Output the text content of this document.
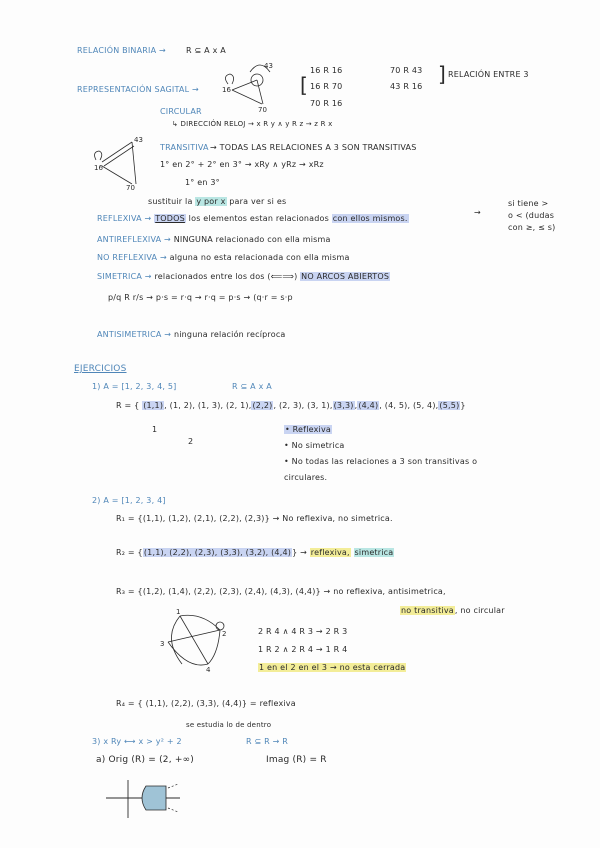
RELACIÓN BINARIA →	R ⊆ A x A
REPRESENTACIÓN SAGITAL →
43
16
70
[
16 R 16
16 R 70
70 R 16
70 R 43
43 R 16
] RELACIÓN ENTRE 3
CIRCULAR
↳ DIRECCIÓN RELOJ → x R y ∧ y R z → z R x
43
16
70
TRANSITIVA → TODAS LAS RELACIONES A 3 SON TRANSITIVAS
1° en 2° + 2° en 3° → xRy ∧ yRz → xRz
1° en 3°
sustituir la y por x para ver si es
REFLEXIVA → TODOS los elementos estan relacionados con ellos mismos.
→
si tiene >
o < (dudas
con ≥, ≤ s)
ANTIREFLEXIVA → NINGUNA relacionado con ella misma
NO REFLEXIVA → alguna no esta relacionada con ella misma
SIMETRICA → relacionados entre los dos (⟸⟹) NO ARCOS ABIERTOS
p/q R r/s → p·s = r·q → r·q = p·s → (q·r = s·p
ANTISIMETRICA → ninguna relación recíproca
EJERCICIOS
1) A = [1, 2, 3, 4, 5]	R ⊆ A x A
R = { (1,1), (1, 2), (1, 3), (2, 1),(2,2), (2, 3), (3, 1),(3,3),(4,4), (4, 5), (5, 4),(5,5)}
1
2
• Reflexiva
• No simetrica
• No todas las relaciones a 3 son transitivas o
circulares.
2) A = [1, 2, 3, 4]
R₁ = {(1,1), (1,2), (2,1), (2,2), (2,3)} → No reflexiva, no simetrica.
R₂ = {(1,1), (2,2), (2,3), (3,3), (3,2), (4,4)} → reflexiva, simetrica
R₃ = {(1,2), (1,4), (2,2), (2,3), (2,4), (4,3), (4,4)} → no reflexiva, antisimetrica,
no transitiva, no circular
1
2
3
4
2 R 4 ∧ 4 R 3 → 2 R 3
1 R 2 ∧ 2 R 4 → 1 R 4
1 en el 2 en el 3 → no esta cerrada
R₄ = { (1,1), (2,2), (3,3), (4,4)} = reflexiva
se estudia lo de dentro
3) x Ry ⟷ x > y² + 2	R ⊆ R → R
a) Orig (R) = (2, +∞)	Imag (R) = R
